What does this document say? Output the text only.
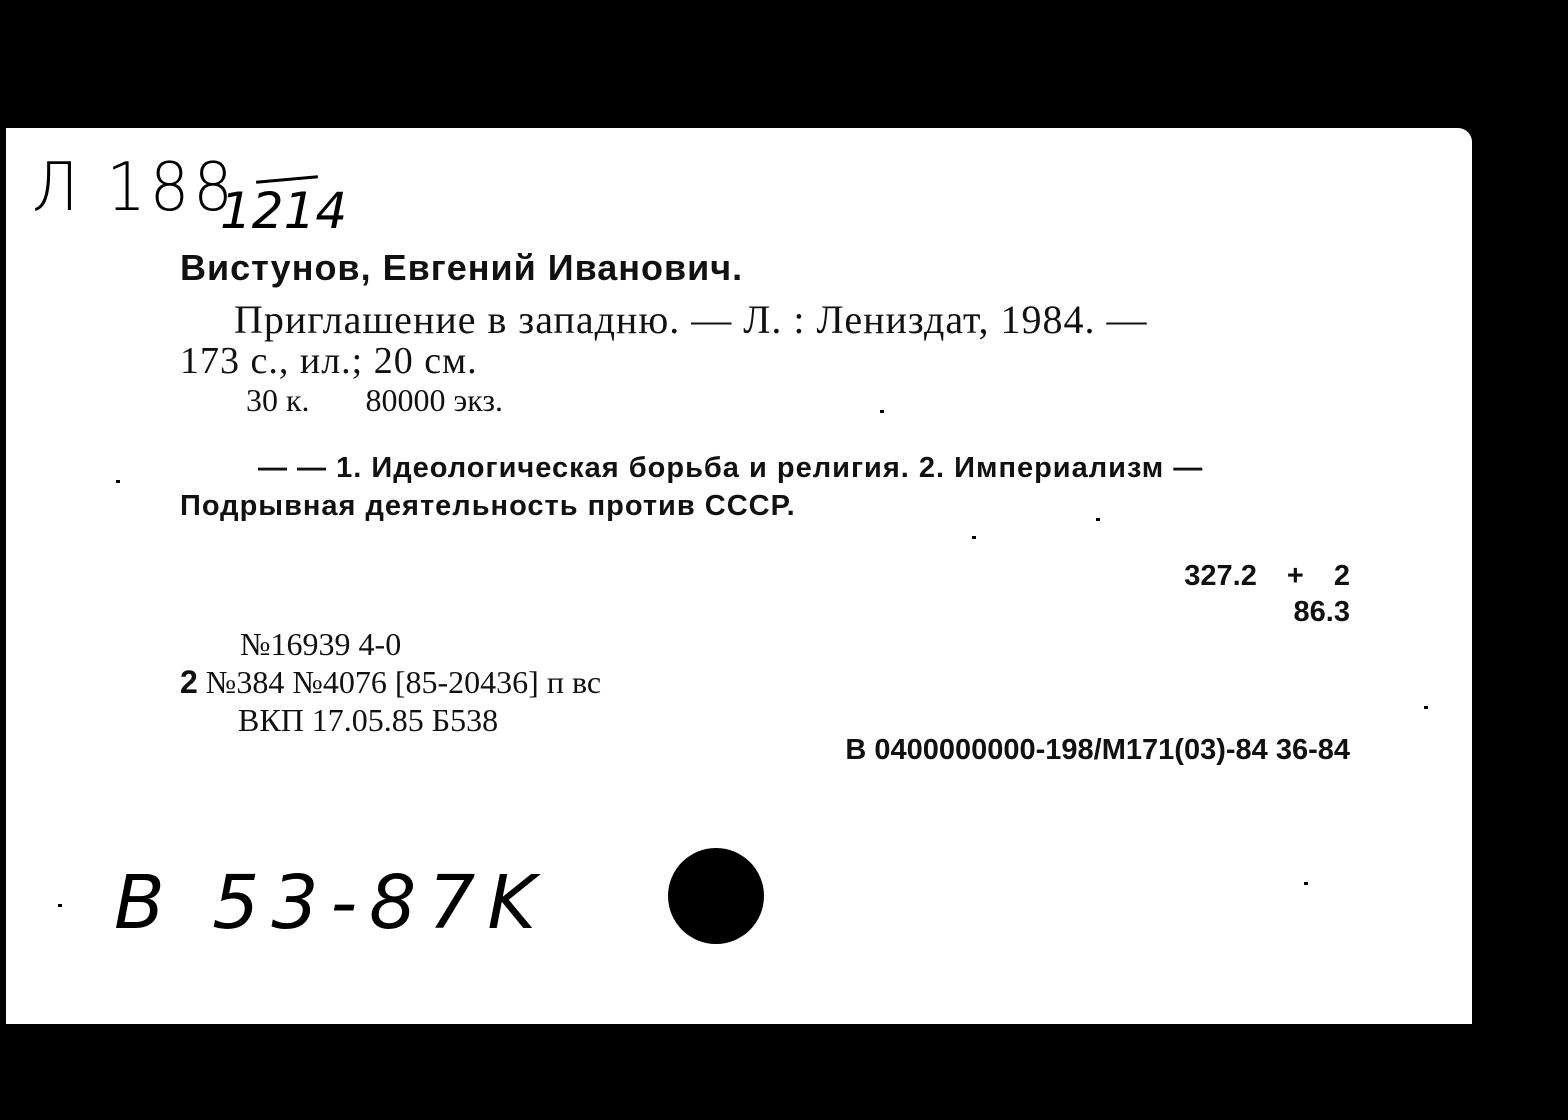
Л 188
1214
Вистунов, Евгений Иванович.
Приглашение в западню. — Л. : Лениздат, 1984. —
173 с., ил.; 20 см.
30 к. 80000 экз.
— — 1. Идеологическая борьба и религия. 2. Империализм —
Подрывная деятельность против СССР.
327.2 + 2
86.3
№16939 4-0
2 №384 №4076 [85-20436] п вс
ВКП 17.05.85 Б538
В 0400000000-198/М171(03)-84 36-84
B 53-87K
